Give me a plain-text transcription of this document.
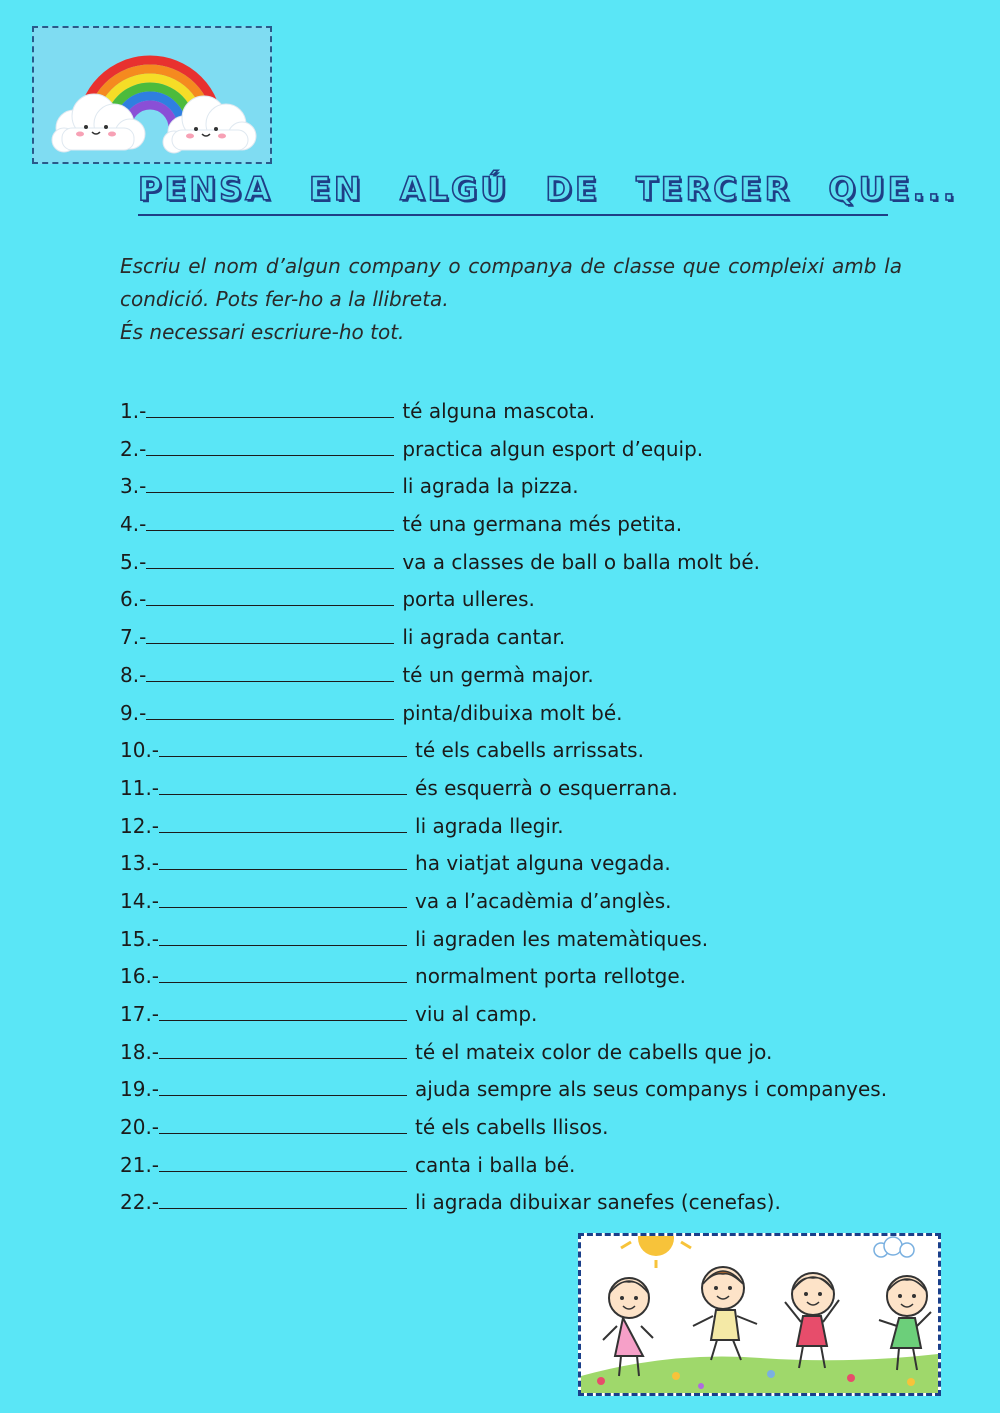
PENSA EN ALGÚ DE TERCER QUE...

Escriu el nom d’algun company o companya de classe que compleixi amb la condició. Pots fer-ho a la llibreta.

És necessari escriure-ho tot.

1.-	té alguna mascota.
2.-	practica algun esport d’equip.
3.-	li agrada la pizza.
4.-	té una germana més petita.
5.-	va a classes de ball o balla molt bé.
6.-	porta ulleres.
7.-	li agrada cantar.
8.-	té un germà major.
9.-	pinta/dibuixa molt bé.
10.-	té els cabells arrissats.
11.-	és esquerrà o esquerrana.
12.-	li agrada llegir.
13.-	ha viatjat alguna vegada.
14.-	va a l’acadèmia d’anglès.
15.-	li agraden les matemàtiques.
16.-	normalment porta rellotge.
17.-	viu al camp.
18.-	té el mateix color de cabells que jo.
19.-	ajuda sempre als seus companys i companyes.
20.-	té els cabells llisos.
21.-	canta i balla bé.
22.-	li agrada dibuixar sanefes (cenefas).
